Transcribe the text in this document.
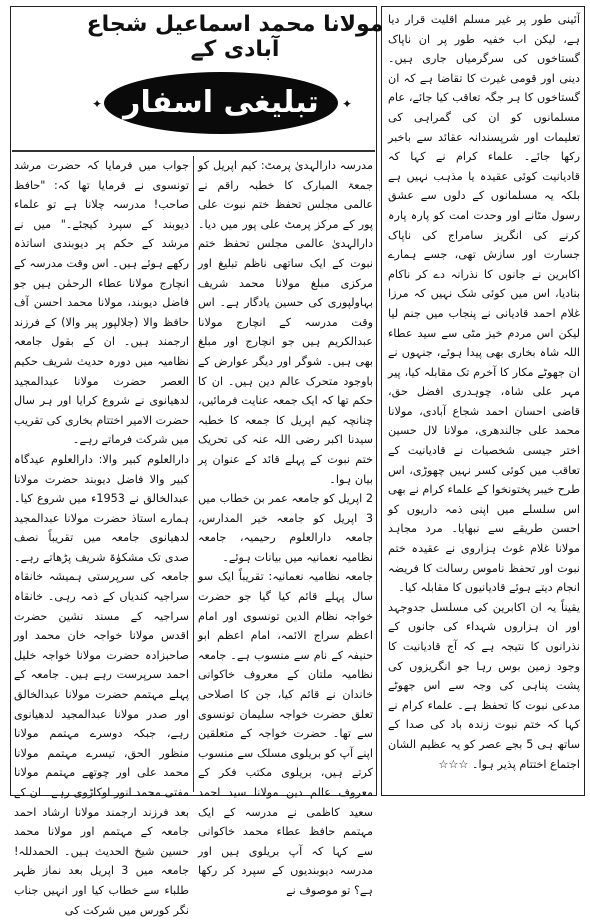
مولانا محمد اسماعیل شجاع آبادی کے
تبلیغی اسفار
✦	✦

آئینی طور پر غیر مسلم اقلیت قرار دیا ہے، لیکن اب خفیہ طور پر ان ناپاک گستاخوں کی سرگرمیاں جاری ہیں۔ دینی اور قومی غیرت کا تقاضا ہے کہ ان گستاخوں کا ہر جگہ تعاقب کیا جائے، عام مسلمانوں کو ان کی گمراہی کی تعلیمات اور شرپسندانہ عقائد سے باخبر رکھا جائے۔ علماء کرام نے کہا کہ قادیانیت کوئی عقیدہ یا مذہب نہیں ہے بلکہ یہ مسلمانوں کے دلوں سے عشق رسول مٹانے اور وحدت امت کو پارہ پارہ کرنے کی انگریز سامراج کی ناپاک جسارت اور سازش تھی، جسے ہمارے اکابرین نے جانوں کا نذرانہ دے کر ناکام بنادیا، اس میں کوئی شک نہیں کہ مرزا غلام احمد قادیانی نے پنجاب میں جنم لیا لیکن اس مردم خیز مٹی سے سید عطاء اللہ شاہ بخاری بھی پیدا ہوئے، جنہوں نے ان جھوٹے مکار کا آخرم تک مقابلہ کیا، پیر مہر علی شاہ، چوہدری افضل حق، قاضی احسان احمد شجاع آبادی، مولانا محمد علی جالندھری، مولانا لال حسین اختر جیسی شخصیات نے قادیانیت کے تعاقب میں کوئی کسر نہیں چھوڑی، اس طرح خیبر پختونخوا کے علماء کرام نے بھی اس سلسلے میں اپنی ذمہ داریوں کو احسن طریقے سے نبھایا۔ مرد مجاہد مولانا غلام غوث ہزاروی نے عقیدہ ختم نبوت اور تحفظ ناموس رسالت کا فریضہ انجام دیتے ہوئے قادیانیوں کا مقابلہ کیا۔

یقیناً یہ ان اکابرین کی مسلسل جدوجہد اور ان ہزاروں شہداء کی جانوں کے نذرانوں کا نتیجہ ہے کہ آج قادیانیت کا وجود زمین بوس رہا جو انگریزوں کی پشت پناہی کی وجہ سے اس جھوٹے مدعی نبوت کا تحفظ ہے۔ علماء کرام نے کہا کہ ختم نبوت زندہ باد کی صدا کے ساتھ ہی 5 بجے عصر کو یہ عظیم الشان اجتماع اختتام پذیر ہوا۔ ☆☆☆

مدرسہ دارالہدیٰ پرمٹ: کیم اپریل کو جمعۃ المبارک کا خطبہ راقم نے عالمی مجلس تحفظ ختم نبوت علی پور کے مرکز پرمٹ علی پور میں دیا۔ دارالہدیٰ عالمی مجلس تحفظ ختم نبوت کے ایک ساتھی ناظم تبلیغ اور مرکزی مبلغ مولانا محمد شریف بہاولپوری کی حسین یادگار ہے۔ اس وقت مدرسہ کے انچارج مولانا عبدالکریم ہیں جو انچارج اور مبلغ بھی ہیں۔ شوگر اور دیگر عوارض کے باوجود متحرک عالم دین ہیں۔ ان کا حکم تھا کہ ایک جمعہ عنایت فرمائیں، چنانچہ کیم اپریل کا جمعہ کا خطبہ سیدنا اکبر رضی اللہ عنہ کی تحریک ختم نبوت کے پہلے قائد کے عنوان پر بیان ہوا۔

2 اپریل کو جامعہ عمر بن خطاب میں 3 اپریل کو جامعہ خیر المدارس، جامعہ دارالعلوم رحیمیہ، جامعہ نظامیہ نعمانیہ میں بیانات ہوئے۔

جامعہ نظامیہ نعمانیہ: تقریباً ایک سو سال پہلے قائم کیا گیا جو حضرت خواجہ نظام الدین تونسوی اور امام اعظم سراج الائمہ، امام اعظم ابو حنیفہ کے نام سے منسوب ہے۔ جامعہ نظامیہ ملتان کے معروف خاکوانی خاندان نے قائم کیا، جن کا اصلاحی تعلق حضرت خواجہ سلیمان تونسوی سے تھا۔ حضرت خواجہ کے متعلقین اپنے آپ کو بریلوی مسلک سے منسوب کرتے ہیں، بریلوی مکتب فکر کے معروف عالم دین مولانا سید احمد سعید کاظمی نے مدرسہ کے ایک مہتمم حافظ عطاء محمد خاکوانی سے کہا کہ آپ بریلوی ہیں اور مدرسہ دیوبندیوں کے سپرد کر رکھا ہے؟ تو موصوف نے

جواب میں فرمایا کہ حضرت مرشد تونسوی نے فرمایا تھا کہ: "حافظ صاحب! مدرسہ چلانا ہے تو علماء دیوبند کے سپرد کیجئے۔" میں نے مرشد کے حکم پر دیوبندی اساتذہ رکھے ہوئے ہیں۔ اس وقت مدرسہ کے انچارج مولانا عطاء الرحمٰن ہیں جو فاضل دیوبند، مولانا محمد احسن آف حافظ والا (جلالپور پیر والا) کے فرزند ارجمند ہیں۔ ان کے بقول جامعہ نظامیہ میں دورہ حدیث شریف حکیم العصر حضرت مولانا عبدالمجید لدھیانوی نے شروع کرایا اور ہر سال حضرت الامیر اختتام بخاری کی تقریب میں شرکت فرماتے رہے۔

دارالعلوم کبیر والا: دارالعلوم عیدگاہ کبیر والا فاضل دیوبند حضرت مولانا عبدالخالق نے 1953ء میں شروع کیا۔ ہمارے استاذ حضرت مولانا عبدالمجید لدھیانوی جامعہ میں تقریباً نصف صدی تک مشکوٰۃ شریف پڑھاتے رہے۔ جامعہ کی سرپرستی ہمیشہ خانقاہ سراجیہ کندیاں کے ذمہ رہی۔ خانقاہ سراجیہ کے مسند نشین حضرت اقدس مولانا خواجہ خان محمد اور صاحبزادہ حضرت مولانا خواجہ خلیل احمد سرپرست رہے ہیں۔ جامعہ کے پہلے مہتمم حضرت مولانا عبدالخالق اور صدر مولانا عبدالمجید لدھیانوی رہے، جبکہ دوسرے مہتمم مولانا منظور الحق، تیسرے مہتمم مولانا محمد علی اور چوتھے مہتمم مولانا مفتی محمد انور اوکاڑوی رہے۔ ان کے بعد فرزند ارجمند مولانا ارشاد احمد جامعہ کے مہتمم اور مولانا محمد حسین شیخ الحدیث ہیں۔ الحمدللہ! جامعہ میں 3 اپریل بعد نماز ظہر طلباء سے خطاب کیا اور انہیں جناب نگر کورس میں شرکت کی
